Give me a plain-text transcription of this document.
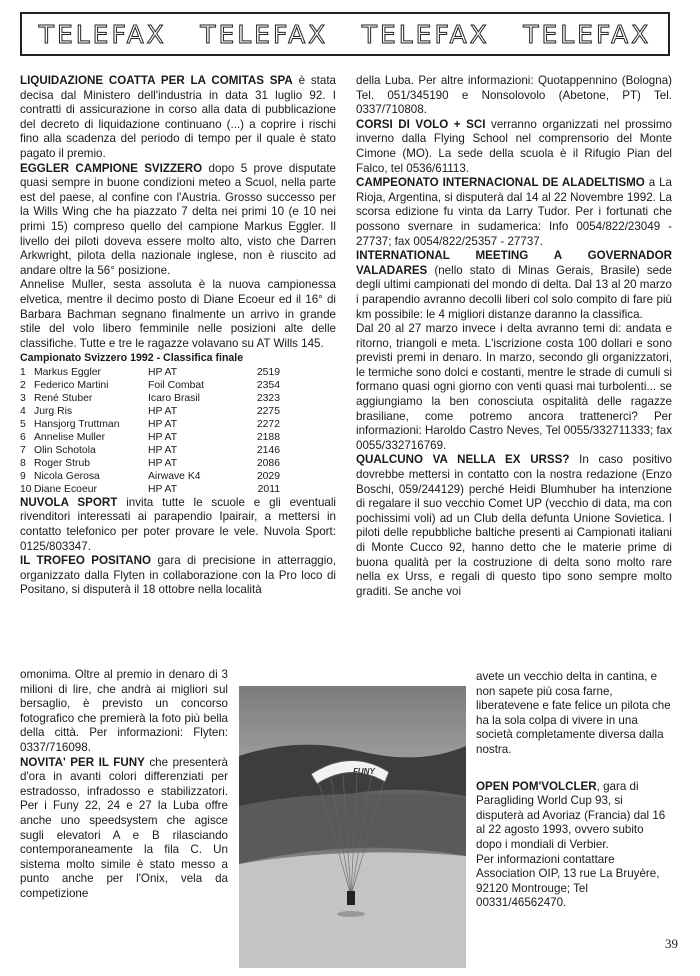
TELEFAX TELEFAX TELEFAX TELEFAX

LIQUIDAZIONE COATTA PER LA COMITAS SPA è stata decisa dal Ministero dell'industria in data 31 luglio 92. I contratti di assicurazione in corso alla data di pubblicazione del decreto di liquidazione continuano (...) a coprire i rischi fino alla scadenza del periodo di tempo per il quale è stato pagato il premio.

EGGLER CAMPIONE SVIZZERO dopo 5 prove disputate quasi sempre in buone condizioni meteo a Scuol, nella parte est del paese, al confine con l'Austria. Grosso successo per la Wills Wing che ha piazzato 7 delta nei primi 10 (e 10 nei primi 15) compreso quello del campione Markus Eggler. Il livello dei piloti doveva essere molto alto, visto che Darren Arkwright, pilota della nazionale inglese, non è riuscito ad andare oltre la 56° posizione.

Annelise Muller, sesta assoluta è la nuova campionessa elvetica, mentre il decimo posto di Diane Ecoeur ed il 16° di Barbara Bachman segnano finalmente un arrivo in grande stile del volo libero femminile nelle posizioni alte delle classifiche. Tutte e tre le ragazze volavano su AT Wills 145.

Campionato Svizzero 1992 - Classifica finale
1	Markus Eggler	HP AT	2519
2	Federico Martini	Foil Combat	2354
3	René Stuber	Icaro Brasil	2323
4	Jurg Ris	HP AT	2275
5	Hansjorg Truttman	HP AT	2272
6	Annelise Muller	HP AT	2188
7	Olin Schotola	HP AT	2146
8	Roger Strub	HP AT	2086
9	Nicola Gerosa	Airwave K4	2029
10	Diane Ecoeur	HP AT	2011

NUVOLA SPORT invita tutte le scuole e gli eventuali rivenditori interessati ai parapendio Ipairair, a mettersi in contatto telefonico per poter provare le vele. Nuvola Sport: 0125/803347.

IL TROFEO POSITANO gara di precisione in atterraggio, organizzato dalla Flyten in collaborazione con la Pro loco di Positano, si disputerà il 18 ottobre nella località

omonima. Oltre al premio in denaro di 3 milioni di lire, che andrà ai migliori sul bersaglio, è previsto un concorso fotografico che premierà la foto più bella della città. Per informazioni: Flyten: 0337/716098.

NOVITA' PER IL FUNY che presenterà d'ora in avanti colori differenziati per estradosso, infradosso e stabilizzatori. Per i Funy 22, 24 e 27 la Luba offre anche uno speedsystem che agisce sugli elevatori A e B rilasciando contemporaneamente la fila C. Un sistema molto simile è stato messo a punto anche per l'Onix, vela da competizione

della Luba. Per altre informazioni: Quotappennino (Bologna) Tel. 051/345190 e Nonsolovolo (Abetone, PT) Tel. 0337/710808.

CORSI DI VOLO + SCI verranno organizzati nel prossimo inverno dalla Flying School nel comprensorio del Monte Cimone (MO). La sede della scuola è il Rifugio Pian del Falco, tel 0536/61113.

CAMPEONATO INTERNACIONAL DE ALADELTISMO a La Rioja, Argentina, si disputerà dal 14 al 22 Novembre 1992. La scorsa edizione fu vinta da Larry Tudor. Per i fortunati che possono svernare in sudamerica: Info 0054/822/23049 - 27737; fax 0054/822/25357 - 27737.

INTERNATIONAL MEETING A GOVERNADOR VALADARES (nello stato di Minas Gerais, Brasile) sede degli ultimi campionati del mondo di delta. Dal 13 al 20 marzo i parapendio avranno decolli liberi col solo compito di fare più km possibile: le 4 migliori distanze daranno la classifica.

Dal 20 al 27 marzo invece i delta avranno temi di: andata e ritorno, triangoli e meta. L'iscrizione costa 100 dollari e sono previsti premi in denaro. In marzo, secondo gli organizzatori, le termiche sono dolci e costanti, mentre le strade di cumuli si formano quasi ogni giorno con venti quasi mai turbolenti... se aggiungiamo la ben conosciuta ospitalità delle ragazze brasiliane, come potremo ancora trattenerci? Per informazioni: Haroldo Castro Neves, Tel 0055/332711333; fax 0055/332716769.

QUALCUNO VA NELLA EX URSS? In caso positivo dovrebbe mettersi in contatto con la nostra redazione (Enzo Boschi, 059/244129) perché Heidi Blumhuber ha intenzione di regalare il suo vecchio Comet UP (vecchio di data, ma con pochissimi voli) ad un Club della defunta Unione Sovietica. I piloti delle repubbliche baltiche presenti ai Campionati italiani di Monte Cucco 92, hanno detto che le materie prime di buona qualità per la costruzione di delta sono molto rare nella ex Urss, e regali di questo tipo sono sempre molto graditi. Se anche voi

avete un vecchio delta in cantina, e non sapete più cosa farne, liberatevene e fate felice un pilota che ha la sola colpa di vivere in una società completamente diversa dalla nostra.

OPEN POM'VOLCLER, gara di Paragliding World Cup 93, si disputerà ad Avoriaz (Francia) dal 16 al 22 agosto 1993, ovvero subito dopo i mondiali di Verbier.

Per informazioni contattare Association OIP, 13 rue La Bruyère, 92120 Montrouge; Tel 00331/46562470.

FUNY
39
